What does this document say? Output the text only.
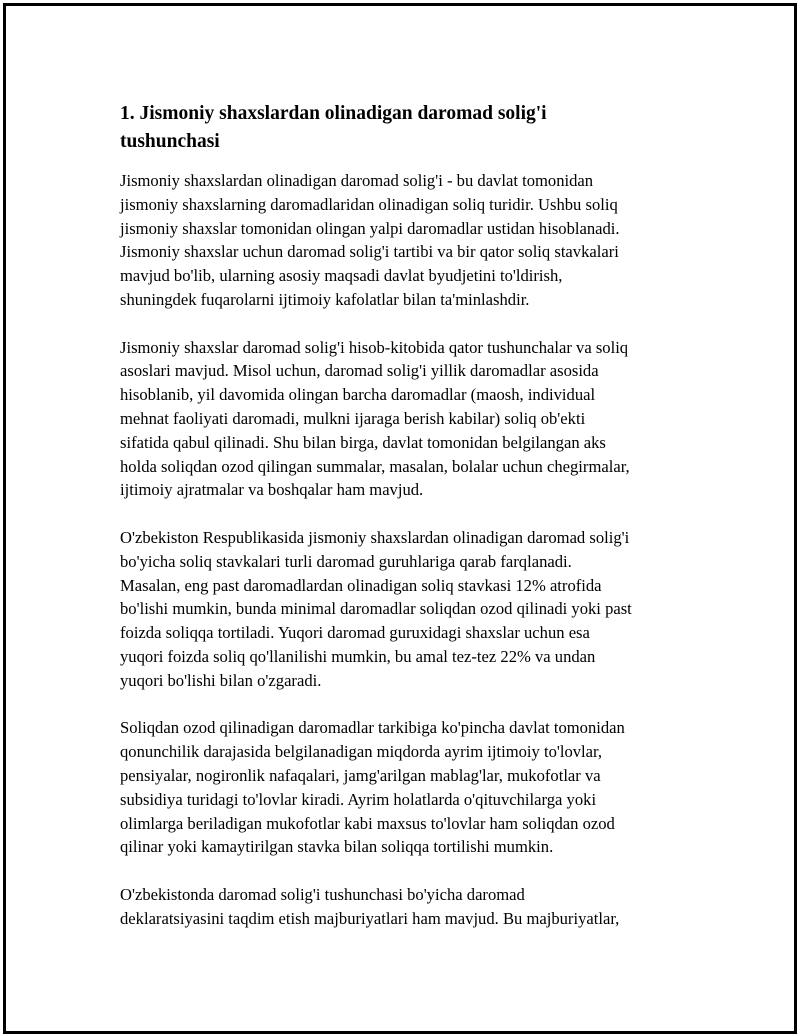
1. Jismoniy shaxslardan olinadigan daromad solig'i
tushunchasi

Jismoniy shaxslardan olinadigan daromad solig'i - bu davlat tomonidan
jismoniy shaxslarning daromadlaridan olinadigan soliq turidir. Ushbu soliq
jismoniy shaxslar tomonidan olingan yalpi daromadlar ustidan hisoblanadi.
Jismoniy shaxslar uchun daromad solig'i tartibi va bir qator soliq stavkalari
mavjud bo'lib, ularning asosiy maqsadi davlat byudjetini to'ldirish,
shuningdek fuqarolarni ijtimoiy kafolatlar bilan ta'minlashdir.

Jismoniy shaxslar daromad solig'i hisob-kitobida qator tushunchalar va soliq
asoslari mavjud. Misol uchun, daromad solig'i yillik daromadlar asosida
hisoblanib, yil davomida olingan barcha daromadlar (maosh, individual
mehnat faoliyati daromadi, mulkni ijaraga berish kabilar) soliq ob'ekti
sifatida qabul qilinadi. Shu bilan birga, davlat tomonidan belgilangan aks
holda soliqdan ozod qilingan summalar, masalan, bolalar uchun chegirmalar,
ijtimoiy ajratmalar va boshqalar ham mavjud.

O'zbekiston Respublikasida jismoniy shaxslardan olinadigan daromad solig'i
bo'yicha soliq stavkalari turli daromad guruhlariga qarab farqlanadi.
Masalan, eng past daromadlardan olinadigan soliq stavkasi 12% atrofida
bo'lishi mumkin, bunda minimal daromadlar soliqdan ozod qilinadi yoki past
foizda soliqqa tortiladi. Yuqori daromad guruxidagi shaxslar uchun esa
yuqori foizda soliq qo'llanilishi mumkin, bu amal tez-tez 22% va undan
yuqori bo'lishi bilan o'zgaradi.

Soliqdan ozod qilinadigan daromadlar tarkibiga ko'pincha davlat tomonidan
qonunchilik darajasida belgilanadigan miqdorda ayrim ijtimoiy to'lovlar,
pensiyalar, nogironlik nafaqalari, jamg'arilgan mablag'lar, mukofotlar va
subsidiya turidagi to'lovlar kiradi. Ayrim holatlarda o'qituvchilarga yoki
olimlarga beriladigan mukofotlar kabi maxsus to'lovlar ham soliqdan ozod
qilinar yoki kamaytirilgan stavka bilan soliqqa tortilishi mumkin.

O'zbekistonda daromad solig'i tushunchasi bo'yicha daromad
deklaratsiyasini taqdim etish majburiyatlari ham mavjud. Bu majburiyatlar,
